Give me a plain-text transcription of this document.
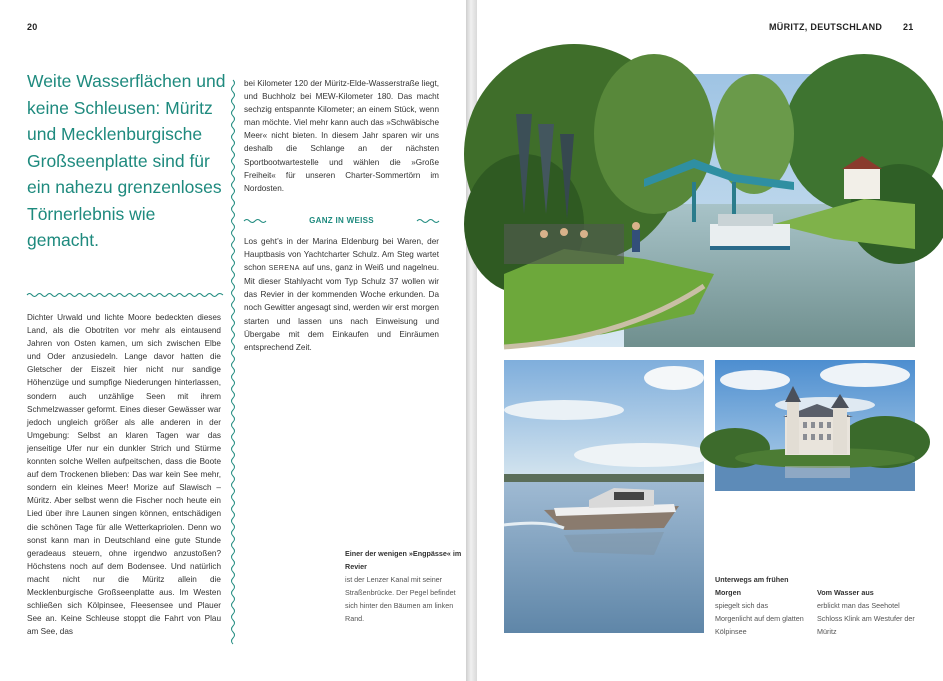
20
Weite Wasserflächen und keine Schleusen: Müritz und Mecklenburgische Großseenplatte sind für ein nahezu grenzenloses Törnerlebnis wie gemacht.

Dichter Urwald und lichte Moore bedeckten dieses Land, als die Obotriten vor mehr als eintausend Jahren von Osten kamen, um sich zwischen Elbe und Oder anzusiedeln. Lange davor hatten die Gletscher der Eiszeit hier nicht nur sandige Höhenzüge und sumpfige Niederungen hinterlassen, sondern auch unzählige Seen mit ihrem Schmelzwasser geformt. Eines dieser Gewässer war jedoch ungleich größer als alle anderen in der Umgebung: Selbst an klaren Tagen war das jenseitige Ufer nur ein dunkler Strich und Stürme konnten solche Wellen aufpeitschen, dass die Boote auf dem Trockenen blieben: Das war kein See mehr, sondern ein kleines Meer! Morize auf Slawisch – Müritz. Aber selbst wenn die Fischer noch heute ein Lied über ihre Launen singen können, entschädigen die schönen Tage für alle Wetterkapriolen. Denn wo sonst kann man in Deutschland eine gute Stunde geradeaus steuern, ohne irgendwo anzustoßen? Höchstens noch auf dem Bodensee. Und natürlich macht nicht nur die Müritz allein die Mecklenburgische Großseenplatte aus. Im Westen schließen sich Kölpinsee, Fleesensee und Plauer See an. Keine Schleuse stoppt die Fahrt von Plau am See, das

bei Kilometer 120 der Müritz-Elde-Wasserstraße liegt, und Buchholz bei MEW-Kilometer 180. Das macht sechzig entspannte Kilometer; an einem Stück, wenn man möchte. Viel mehr kann auch das »Schwäbische Meer« nicht bieten. In diesem Jahr sparen wir uns deshalb die Schlange an der nächsten Sportbootwartestelle und wählen die »Große Freiheit« für unseren Charter-Sommertörn im Nordosten.

GANZ IN WEISS

Los geht’s in der Marina Eldenburg bei Waren, der Hauptbasis von Yachtcharter Schulz. Am Steg wartet schon SERENA auf uns, ganz in Weiß und nagelneu. Mit dieser Stahlyacht vom Typ Schulz 37 wollen wir das Revier in der kommenden Woche erkunden. Da noch Gewitter angesagt sind, werden wir erst morgen starten und lassen uns nach Einweisung und Übergabe mit dem Einkaufen und Einräumen entsprechend Zeit.

MÜRITZ, DEUTSCHLAND 21
Einer der wenigen »Engpässe« im Revier
ist der Lenzer Kanal mit seiner Straßenbrücke. Der Pegel befindet sich hinter den Bäumen am linken Rand.
Unterwegs am frühen Morgen
spiegelt sich das Morgenlicht auf dem glatten Kölpinsee
Vom Wasser aus
erblickt man das Seehotel Schloss Klink am Westufer der Müritz
